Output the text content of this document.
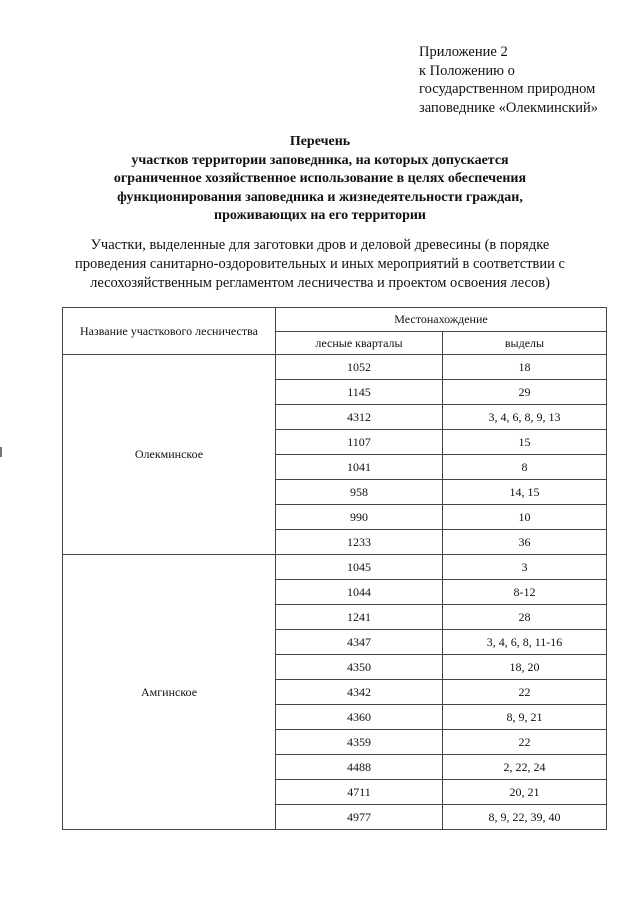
Приложение 2
к Положению о
государственном природном
заповеднике «Олекминский»
Перечень
участков территории заповедника, на которых допускается
ограниченное хозяйственное использование в целях обеспечения
функционирования заповедника и жизнедеятельности граждан,
проживающих на его территории
Участки, выделенные для заготовки дров и деловой древесины (в порядке
проведения санитарно-оздоровительных и иных мероприятий в соответствии с
лесохозяйственным регламентом лесничества и проектом освоения лесов)
Название участкового лесничества	Местонахождение	
	лесные кварталы	выделы
Олекминское	1052	18
	1145	29
	4312	3, 4, 6, 8, 9, 13
	1107	15
	1041	8
	958	14, 15
	990	10
	1233	36
Амгинское	1045	3
	1044	8-12
	1241	28
	4347	3, 4, 6, 8, 11-16
	4350	18, 20
	4342	22
	4360	8, 9, 21
	4359	22
	4488	2, 22, 24
	4711	20, 21
	4977	8, 9, 22, 39, 40
